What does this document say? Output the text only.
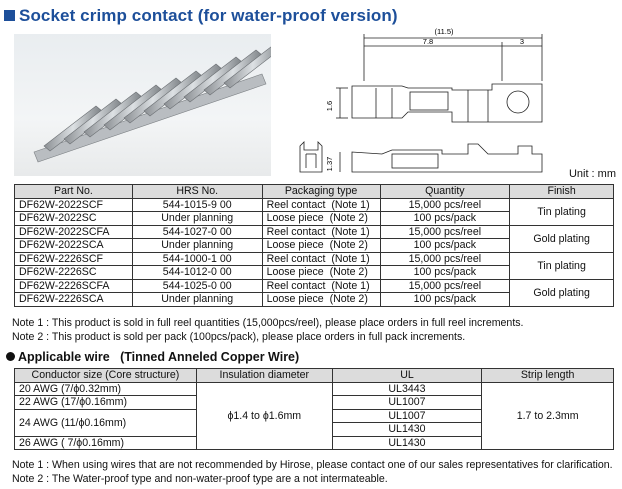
Socket crimp contact (for water-proof version)
(11.5)
7.8	3
1.6
1.37
Unit : mm
Part No.	HRS No.	Packaging type	Quantity	Finish
DF62W-2022SCF	544-1015-9 00	Reel contact  (Note 1)	15,000 pcs/reel	Tin plating
DF62W-2022SC	Under planning	Loose piece  (Note 2)	100 pcs/pack	
DF62W-2022SCFA	544-1027-0 00	Reel contact  (Note 1)	15,000 pcs/reel	Gold plating
DF62W-2022SCA	Under planning	Loose piece  (Note 2)	100 pcs/pack	
DF62W-2226SCF	544-1000-1 00	Reel contact  (Note 1)	15,000 pcs/reel	Tin plating
DF62W-2226SC	544-1012-0 00	Loose piece  (Note 2)	100 pcs/pack	
DF62W-2226SCFA	544-1025-0 00	Reel contact  (Note 1)	15,000 pcs/reel	Gold plating
DF62W-2226SCA	Under planning	Loose piece  (Note 2)	100 pcs/pack	
Note 1 : This product is sold in full reel quantities (15,000pcs/reel), please place orders in full reel increments.
Note 2 : This product is sold per pack (100pcs/pack), please place orders in full pack increments.
Applicable wire   (Tinned Anneled Copper Wire)
Conductor size (Core structure)	Insulation diameter	UL	Strip length
20 AWG (7/ϕ0.32mm)	ϕ1.4 to ϕ1.6mm	UL3443	1.7 to 2.3mm
22 AWG (17/ϕ0.16mm)		UL1007	
24 AWG (11/ϕ0.16mm)		UL1007	
		UL1430	
26 AWG ( 7/ϕ0.16mm)		UL1430	
Note 1 : When using wires that are not recommended by Hirose, please contact one of our sales representatives for clarification.
Note 2 : The Water-proof type and non-water-proof type are a not intermateable.
